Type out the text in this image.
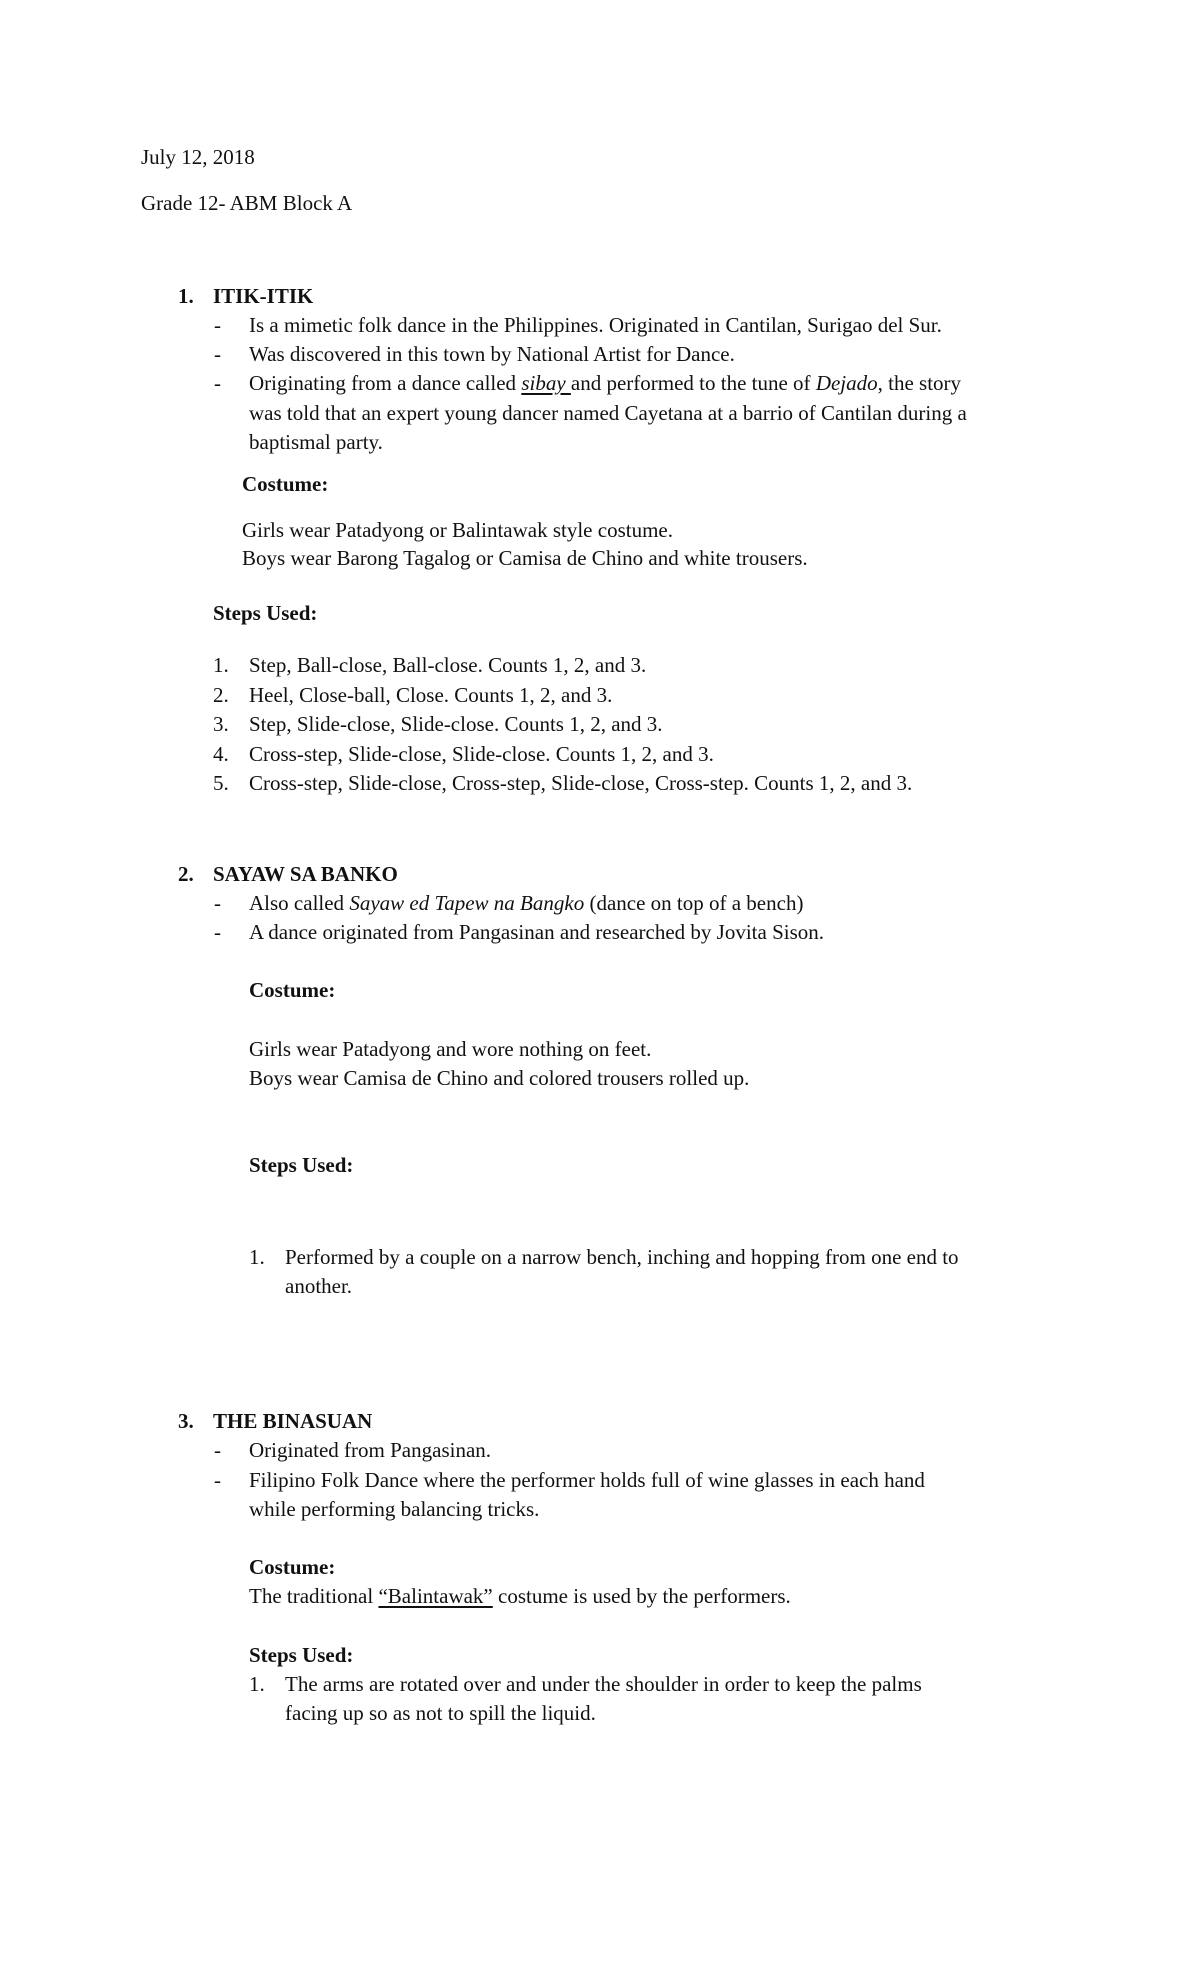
July 12, 2018
Grade 12- ABM Block A
1. ITIK-ITIK
- Is a mimetic folk dance in the Philippines. Originated in Cantilan, Surigao del Sur.
- Was discovered in this town by National Artist for Dance.
- Originating from a dance called sibay and performed to the tune of Dejado, the story
was told that an expert young dancer named Cayetana at a barrio of Cantilan during a
baptismal party.
Costume:
Girls wear Patadyong or Balintawak style costume.
Boys wear Barong Tagalog or Camisa de Chino and white trousers.
Steps Used:
1. Step, Ball-close, Ball-close. Counts 1, 2, and 3.
2. Heel, Close-ball, Close. Counts 1, 2, and 3.
3. Step, Slide-close, Slide-close. Counts 1, 2, and 3.
4. Cross-step, Slide-close, Slide-close. Counts 1, 2, and 3.
5. Cross-step, Slide-close, Cross-step, Slide-close, Cross-step. Counts 1, 2, and 3.
2. SAYAW SA BANKO
- Also called Sayaw ed Tapew na Bangko (dance on top of a bench)
- A dance originated from Pangasinan and researched by Jovita Sison.
Costume:
Girls wear Patadyong and wore nothing on feet.
Boys wear Camisa de Chino and colored trousers rolled up.
Steps Used:
1. Performed by a couple on a narrow bench, inching and hopping from one end to
another.
3. THE BINASUAN
- Originated from Pangasinan.
- Filipino Folk Dance where the performer holds full of wine glasses in each hand
while performing balancing tricks.
Costume:
The traditional “Balintawak” costume is used by the performers.
Steps Used:
1. The arms are rotated over and under the shoulder in order to keep the palms
facing up so as not to spill the liquid.
